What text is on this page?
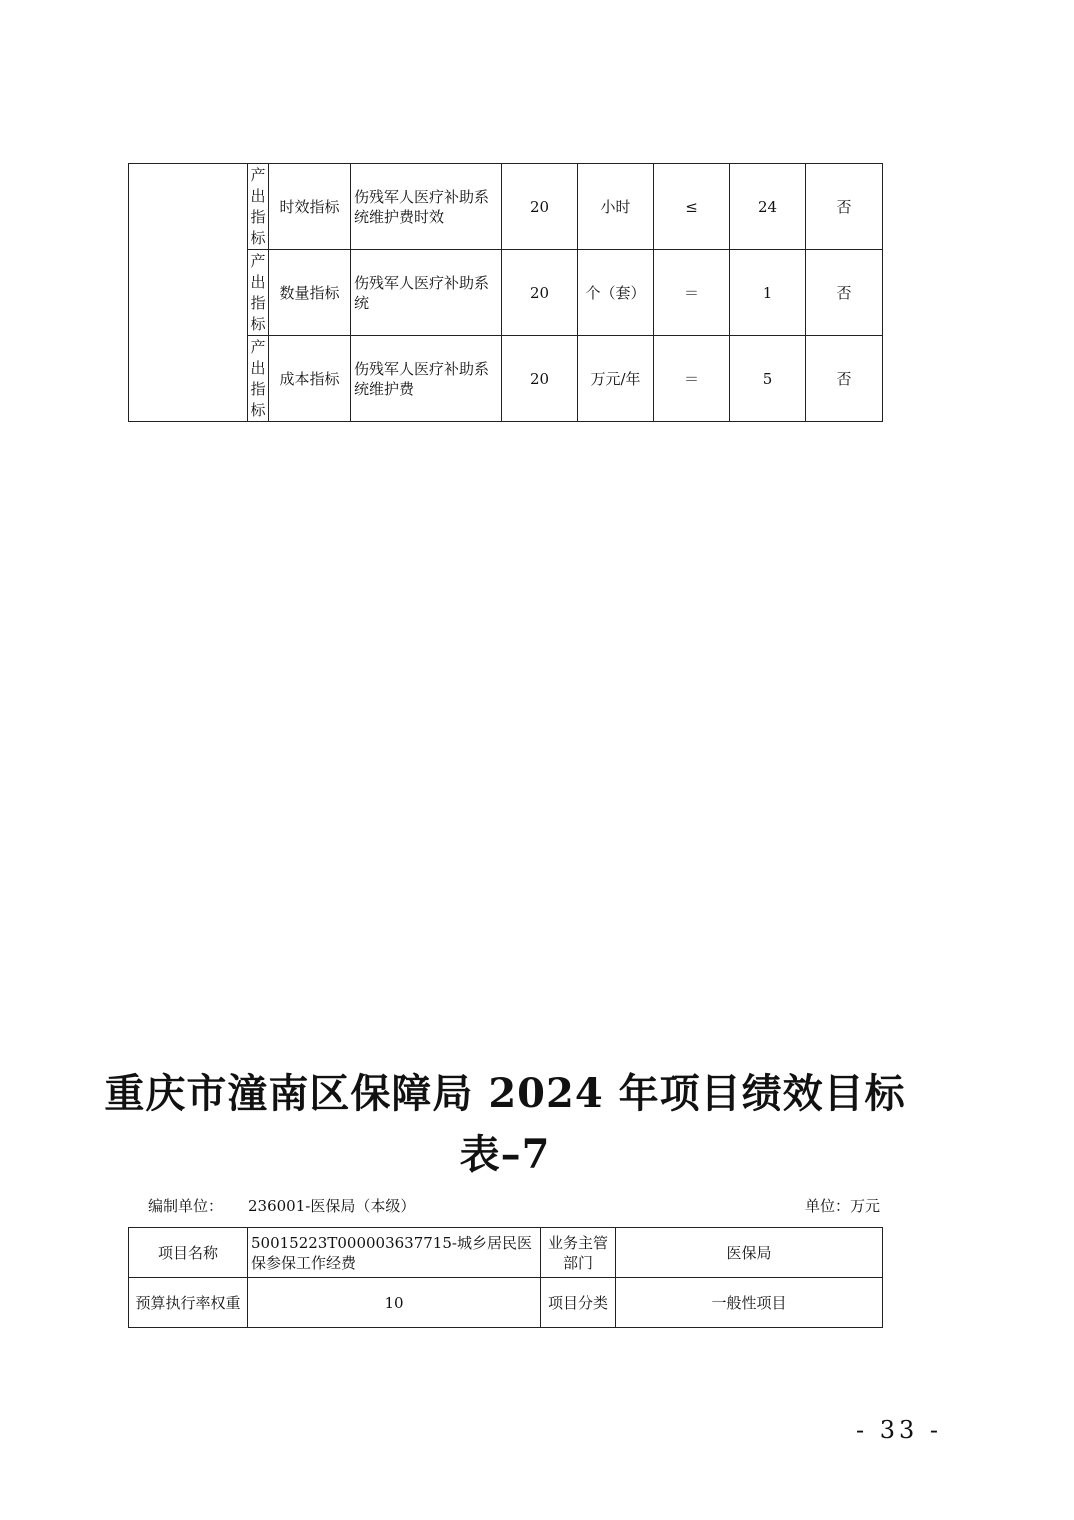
	产
出
指
标	时效指标	伤残军人医疗补助系统维护费时效	20	小时	≤	24	否

	产
出
指
标	数量指标	伤残军人医疗补助系统	20	个（套）	＝	1	否

	产
出
指
标	成本指标	伤残军人医疗补助系统维护费	20	万元/年	＝	5	否
重庆市潼南区保障局 2024 年项目绩效目标
表–7
编制单位： 236001-医保局（本级）	单位：万元
项目名称	50015223T000003637715-城乡居民医保参保工作经费	业务主管部门	医保局
预算执行率权重	10	项目分类	一般性项目
- 33 -
